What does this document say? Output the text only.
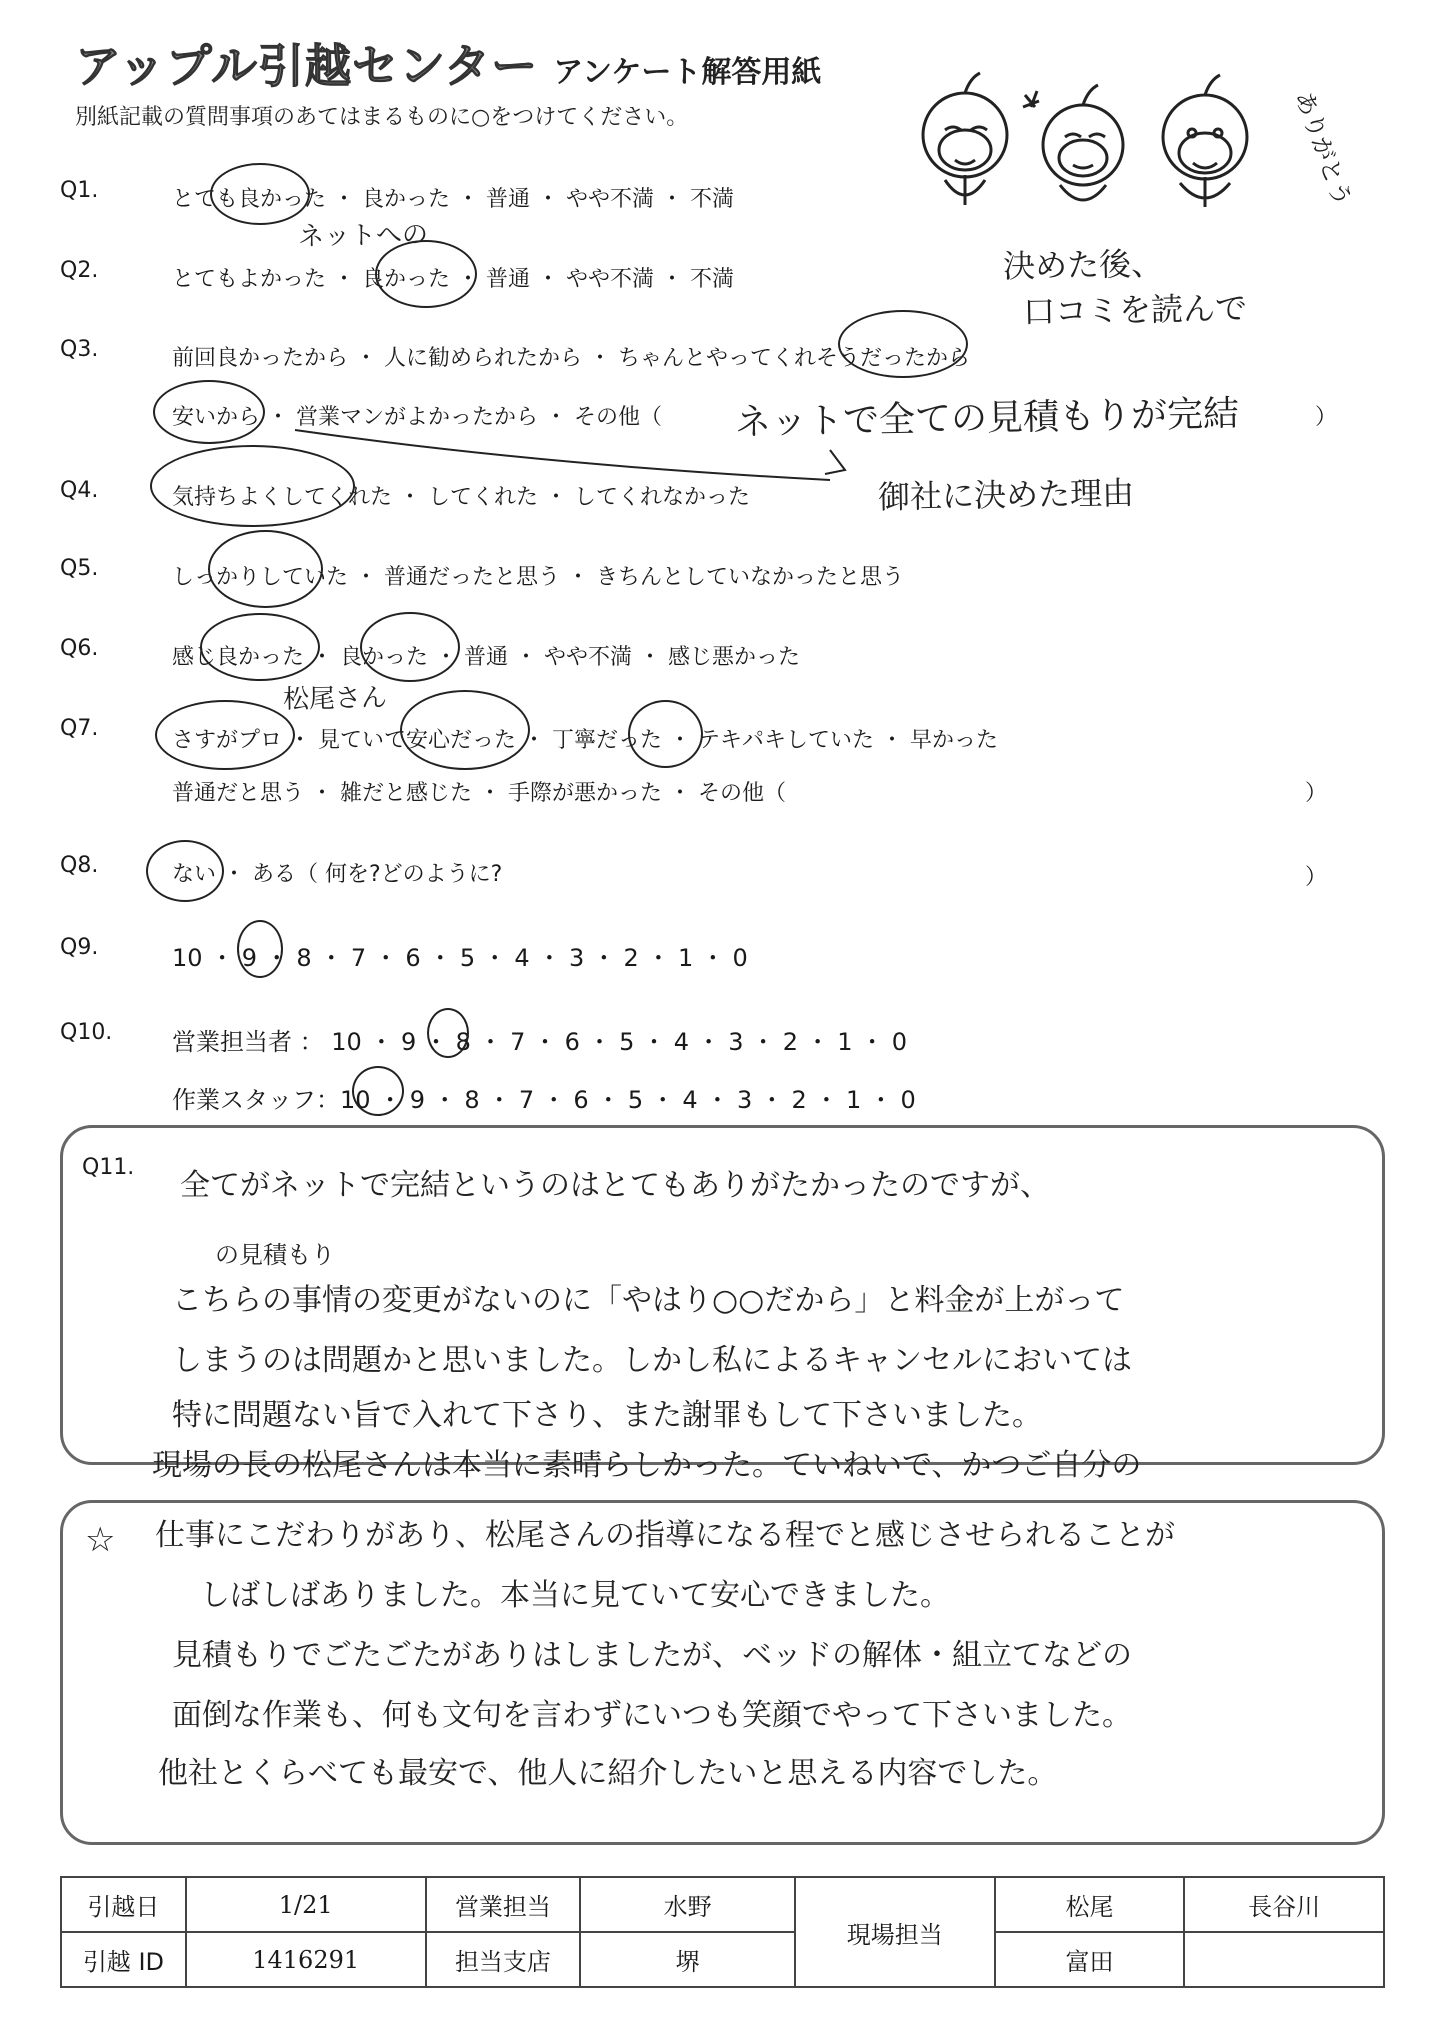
アップル引越センター アンケート解答用紙
別紙記載の質問事項のあてはまるものに○をつけてください。	ありがとう
Q1.	とても良かった ・ 良かった ・ 普通 ・ やや不満 ・ 不満
ネットへの
Q2.	とてもよかった ・ 良かった ・ 普通 ・ やや不満 ・ 不満	決めた後、
口コミを読んで
Q3.	前回良かったから ・ 人に勧められたから ・ ちゃんとやってくれそうだったから
安いから ・ 営業マンがよかったから ・ その他（ ネットで全ての見積もりが完結	）
Q4.	気持ちよくしてくれた ・ してくれた ・ してくれなかった	御社に決めた理由
Q5.	しっかりしていた ・ 普通だったと思う ・ きちんとしていなかったと思う
Q6.	感じ良かった ・ 良かった ・ 普通 ・ やや不満 ・ 感じ悪かった
松尾さん
Q7.	さすがプロ ・ 見ていて安心だった ・ 丁寧だった ・ テキパキしていた ・ 早かった
普通だと思う ・ 雑だと感じた ・ 手際が悪かった ・ その他（	）
Q8.	ない ・ ある（ 何を?どのように?	）
Q9.	10 ・ 9 ・ 8 ・ 7 ・ 6 ・ 5 ・ 4 ・ 3 ・ 2 ・ 1 ・ 0
Q10. 営業担当者 ： 10 ・ 9 ・ 8 ・ 7 ・ 6 ・ 5 ・ 4 ・ 3 ・ 2 ・ 1 ・ 0
作業スタッフ：10 ・ 9 ・ 8 ・ 7 ・ 6 ・ 5 ・ 4 ・ 3 ・ 2 ・ 1 ・ 0
Q11.
全てがネットで完結というのはとてもありがたかったのですが、
の見積もり
こちらの事情の変更がないのに「やはり○○だから」と料金が上がって
しまうのは問題かと思いました。しかし私によるキャンセルにおいては
特に問題ない旨で入れて下さり、また謝罪もして下さいました。
現場の長の松尾さんは本当に素晴らしかった。ていねいで、かつご自分の
☆ 仕事にこだわりがあり、松尾さんの指導になる程でと感じさせられることが
しばしばありました。本当に見ていて安心できました。
見積もりでごたごたがありはしましたが、ベッドの解体・組立てなどの
面倒な作業も、何も文句を言わずにいつも笑顔でやって下さいました。
他社とくらべても最安で、他人に紹介したいと思える内容でした。
引越日	1/21	営業担当	水野	現場担当	松尾	長谷川
引越 ID	1416291	担当支店	堺		富田	
